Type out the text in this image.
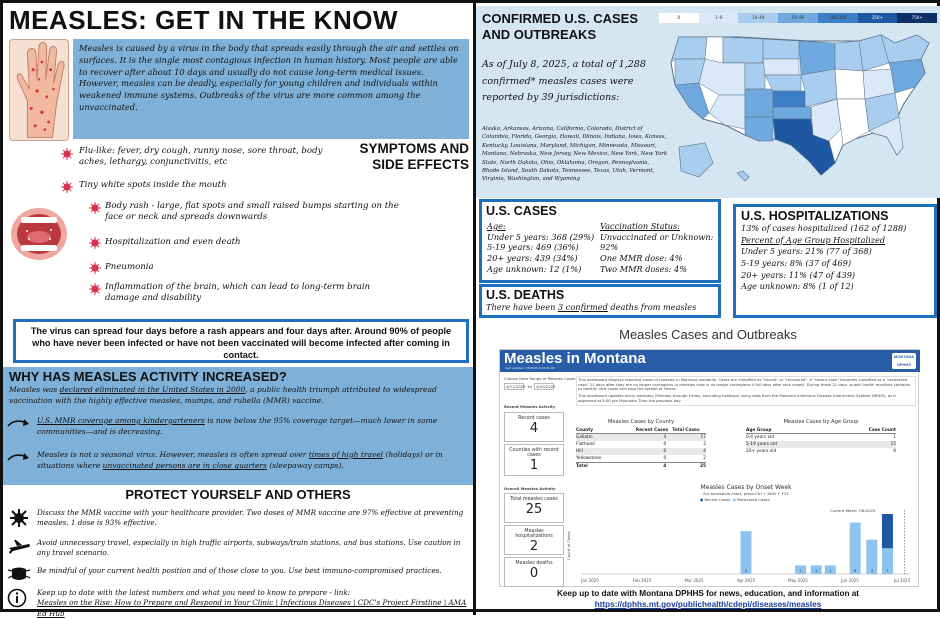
MEASLES: GET IN THE KNOW
Measles is caused by a virus in the body that spreads easily through the air and settles on surfaces. It is the single most contagious infection in human history. Most people are able to recover after about 10 days and usually do not cause long-term medical issues. However, measles can be deadly, especially for young children and individuals within weakened immune systems. Outbreaks of the virus are more common among the unvaccinated.
SYMPTOMS AND
SIDE EFFECTS
Flu-like: fever, dry cough, runny nose, sore throat, body aches, lethargy, conjunctivitis, etc
Tiny white spots inside the mouth
Body rash - large, flat spots and small raised bumps starting on the face or neck and spreads downwards
Hospitalization and even death
Pneumonia
Inflammation of the brain, which can lead to long-term brain damage and disability
The virus can spread four days before a rash appears and four days after. Around 90% of people who have never been infected or have not been vaccinated will become infected after coming in contact.
WHY HAS MEASLES ACTIVITY INCREASED?
Measles was declared eliminated in the United States in 2000, a public health triumph attributed to widespread vaccination with the highly effective measles, mumps, and rubella (MMR) vaccine.
U.S. MMR coverage among kindergarteners is now below the 95% coverage target—much lower in some communities—and is decreasing.
Measles is not a seasonal virus. However, measles is often spread over times of high travel (holidays) or in situations where unvaccinated persons are in close quarters (sleepaway camps).
PROTECT YOURSELF AND OTHERS
Discuss the MMR vaccine with your healthcare provider. Two doses of MMR vaccine are 97% effective at preventing measles, 1 dose is 93% effective.
Avoid unnecessary travel, especially in high traffic airports, subways/train stations, and bus stations. Use caution in any travel scenario.
Be mindful of your current health position and of those close to you. Use best immuno-compromised practices.
Keep up to date with the latest numbers and what you need to know to prepare - link:
Measles on the Rise: How to Prepare and Respond in Your Clinic | Infectious Diseases | CDC's Project Firstline | AMA Ed Hub
CONFIRMED U.S. CASES
AND OUTBREAKS
As of July 8, 2025, a total of 1,288 confirmed* measles cases were reported by 39 jurisdictions:
Alaska, Arkansas, Arizona, California, Colorado, District of Columbia, Florida, Georgia, Hawaii, Illinois, Indiana, Iowa, Kansas, Kentucky, Louisiana, Maryland, Michigan, Minnesota, Missouri, Montana, Nebraska, New Jersey, New Mexico, New York, New York State, North Dakota, Ohio, Oklahoma, Oregon, Pennsylvania, Rhode Island, South Dakota, Tennessee, Texas, Utah, Vermont, Virginia, Washington, and Wyoming
0	1–9	10–49	50–99	100–250	250+	750+
U.S. CASES
Age:
Under 5 years: 368 (29%)
5-19 years: 469 (36%)
20+ years: 439 (34%)
Age unknown: 12 (1%)
Vaccination Status:
Unvaccinated or Unknown: 92%
One MMR dose: 4%
Two MMR doses: 4%
U.S. DEATHS
There have been 3 confirmed deaths from measles
U.S. HOSPITALIZATIONS
13% of cases hospitalized (162 of 1288)
Percent of Age Group Hospitalized
Under 5 years: 21% (77 of 368)
5-19 years: 8% (37 of 469)
20+ years: 11% (47 of 439)
Age unknown: 8% (1 of 12)
Measles Cases and Outbreaks
Measles in Montana
Last updated: 7/8/2025 9:44:01 AM
MONTANA
DPHHS
Choose Date Range of Measles Cases
4/11/2025 to	4/20/2025
This dashboard displays reported cases of measles in Montana residents. Cases are classified as "recent" or "recovered". A "recent case" becomes classified as a "recovered case" 21 days after they are no longer contagious (a measles case is no longer contagious 4 full days after rash onset). During these 21 days, public health monitors contacts to identify new cases and stop the spread of illness.
This dashboard updates every weekday (Monday through Friday, excluding holidays) using data from the Montana Infectious Disease Information System (MIDIS), as it appeared at 5:00 pm Mountain Time the previous day.
Recent Measles Activity
Recent cases
4
Counties with recent cases
1
Overall Measles Activity
Total measles cases
25
Measles hospitalizations
2
Measles deaths
0
Measles Cases by County
County	Recent Cases Total Cases
Gallatin	4	17
Flathead	0	2
Hill	0	4
Yellowstone	0	2
Total	4	25
Measles Cases by Age Group
Age Group	Case Count
0-4 years old	1
5-19 years old	15
20+ years old	9
Measles Cases by Onset Week
For accessible chart, press Ctrl + Shift + F11
● Recent Cases ● Recovered Cases
Current Week: 7/6/2025
Count of Cases
Jan 2025	Feb 2025	Mar 2025	Apr 2025	May 2025	Jun 2025	Jul 2025
5	1	1	1	6	4	7
Keep up to date with Montana DPHHS for news, education, and information at
https://dphhs.mt.gov/publichealth/cdepi/diseases/measles
